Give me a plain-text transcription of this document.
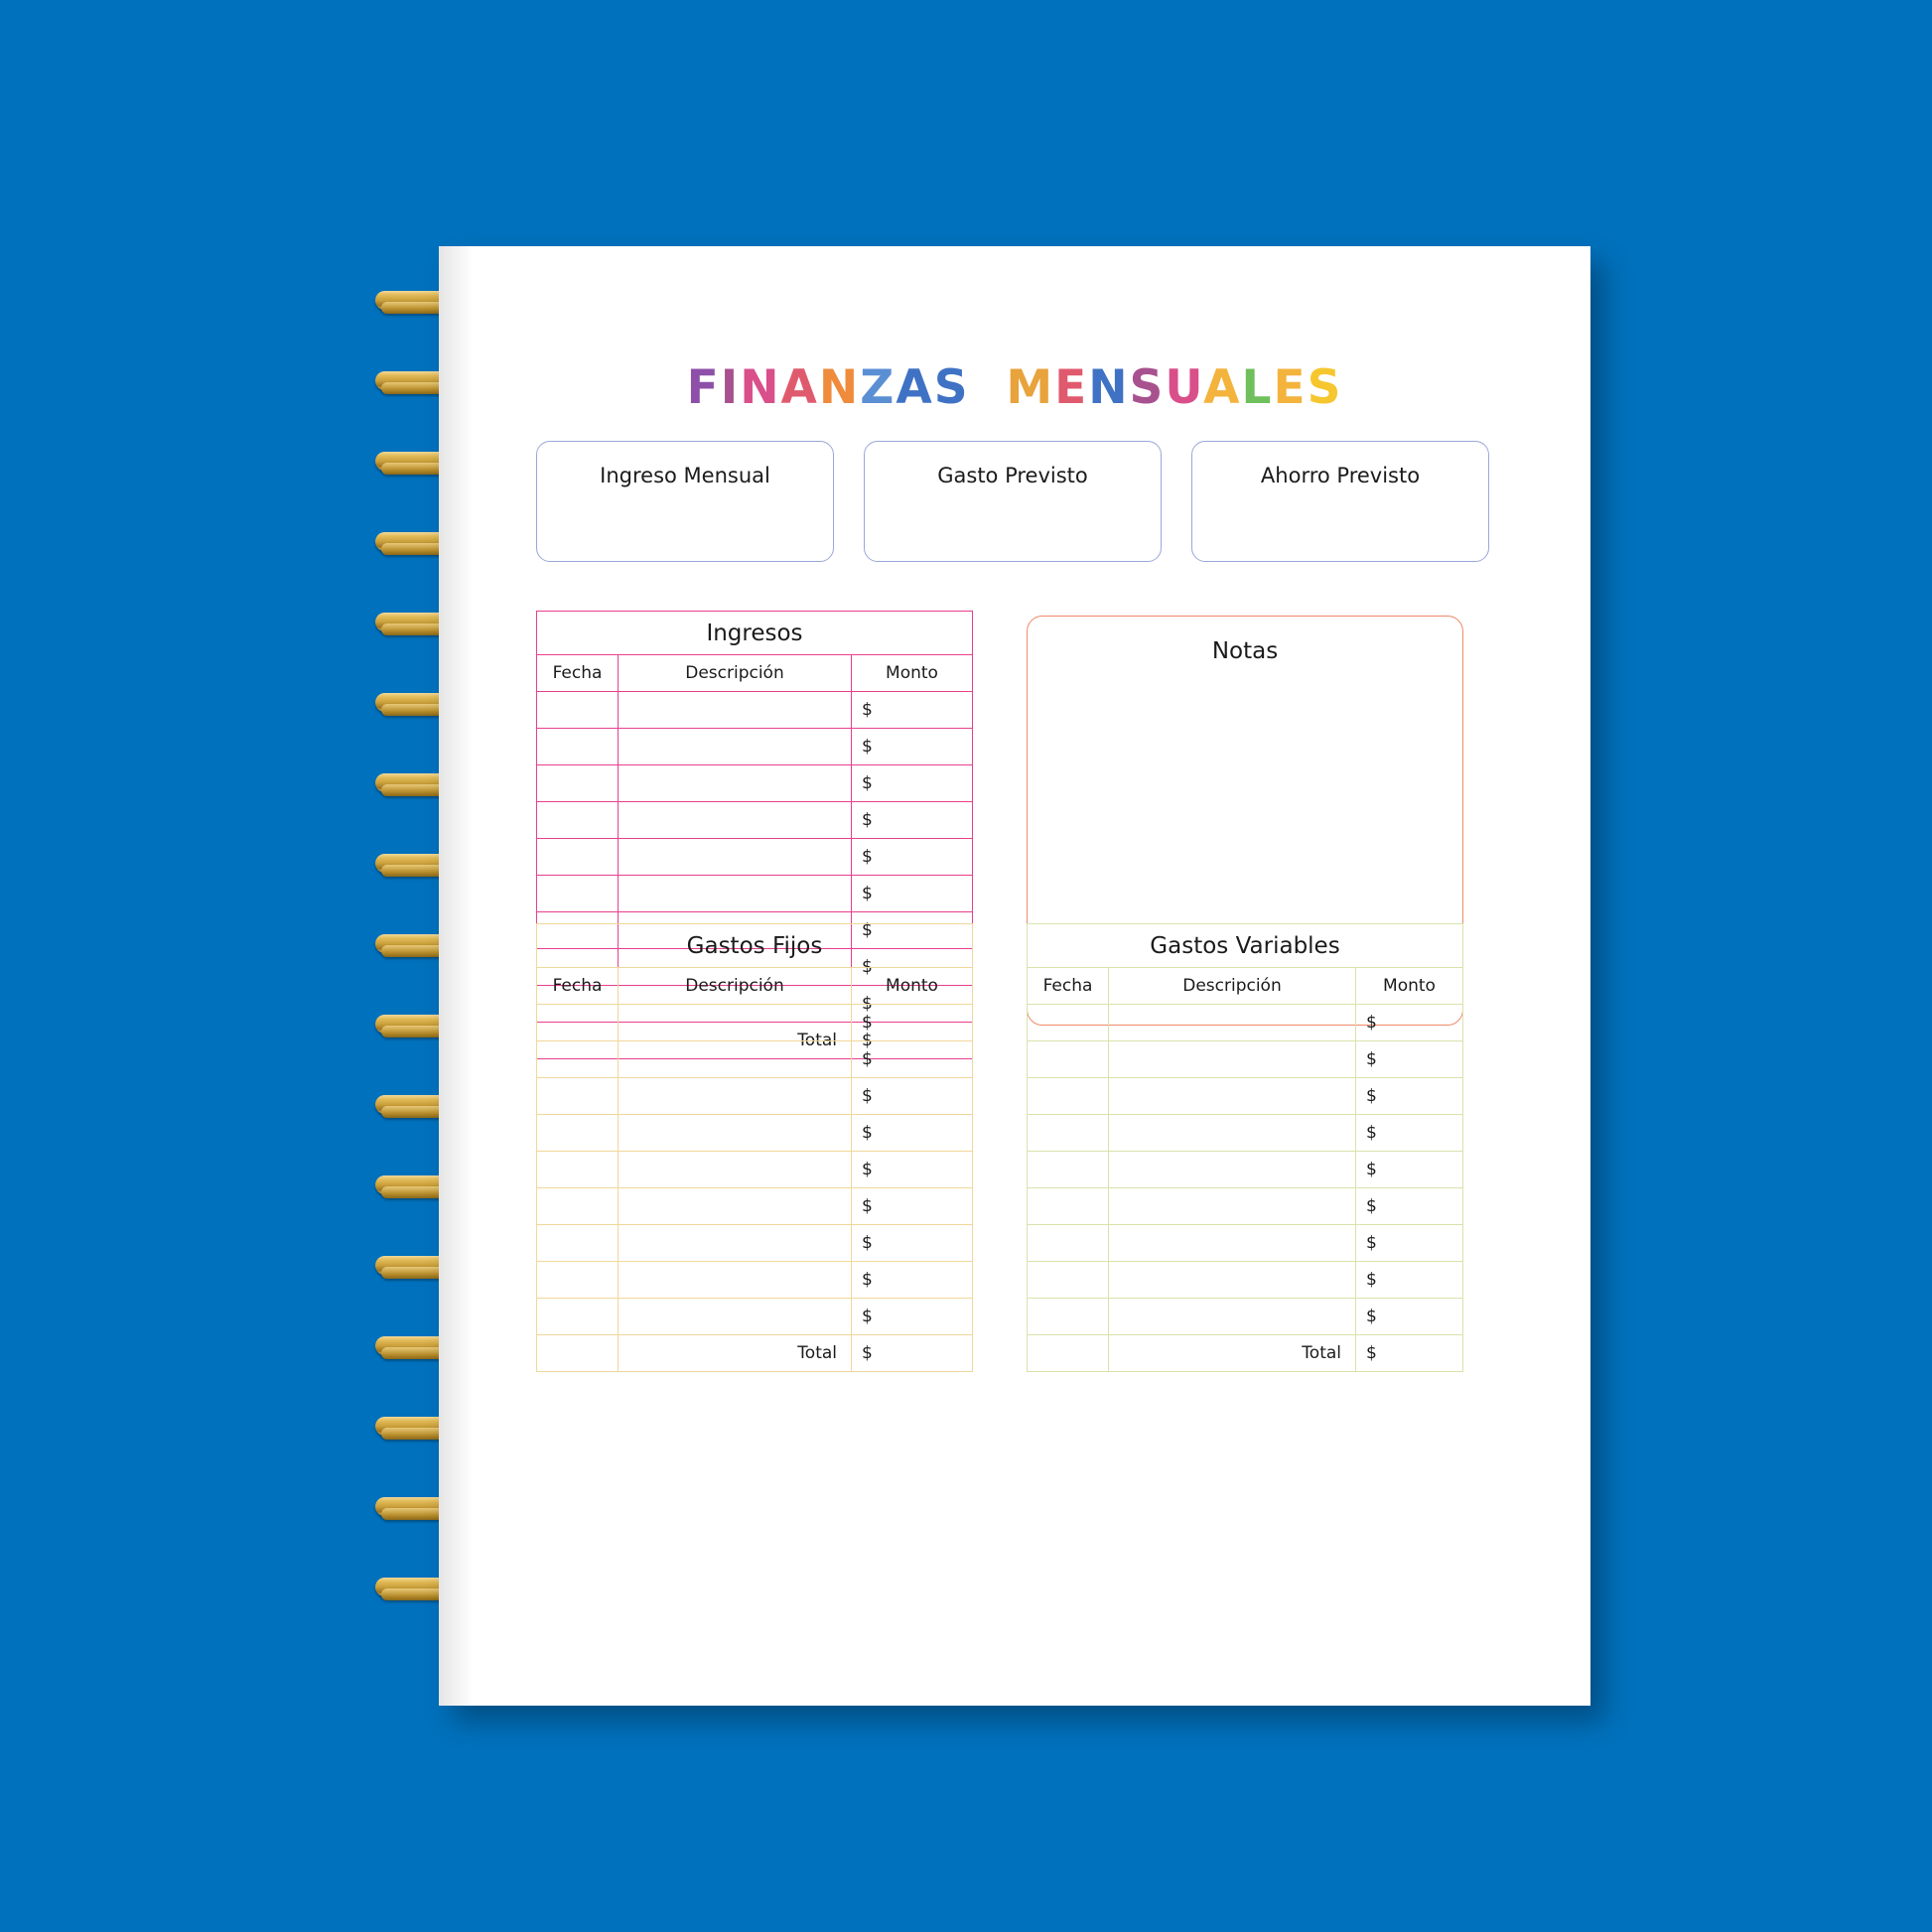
FINANZAS MENSUALES
Ingreso Mensual	Gasto Previsto	Ahorro Previsto
Ingresos
Fecha	Descripción	Monto
		$
		$
		$
		$
		$
		$
		$
		$
		$
	Total	$
Notas
Gastos Fijos
Fecha	Descripción	Monto
		$
		$
		$
		$
		$
		$
		$
		$
		$
	Total	$
Gastos Variables
Fecha	Descripción	Monto
		$
		$
		$
		$
		$
		$
		$
		$
		$
	Total	$
